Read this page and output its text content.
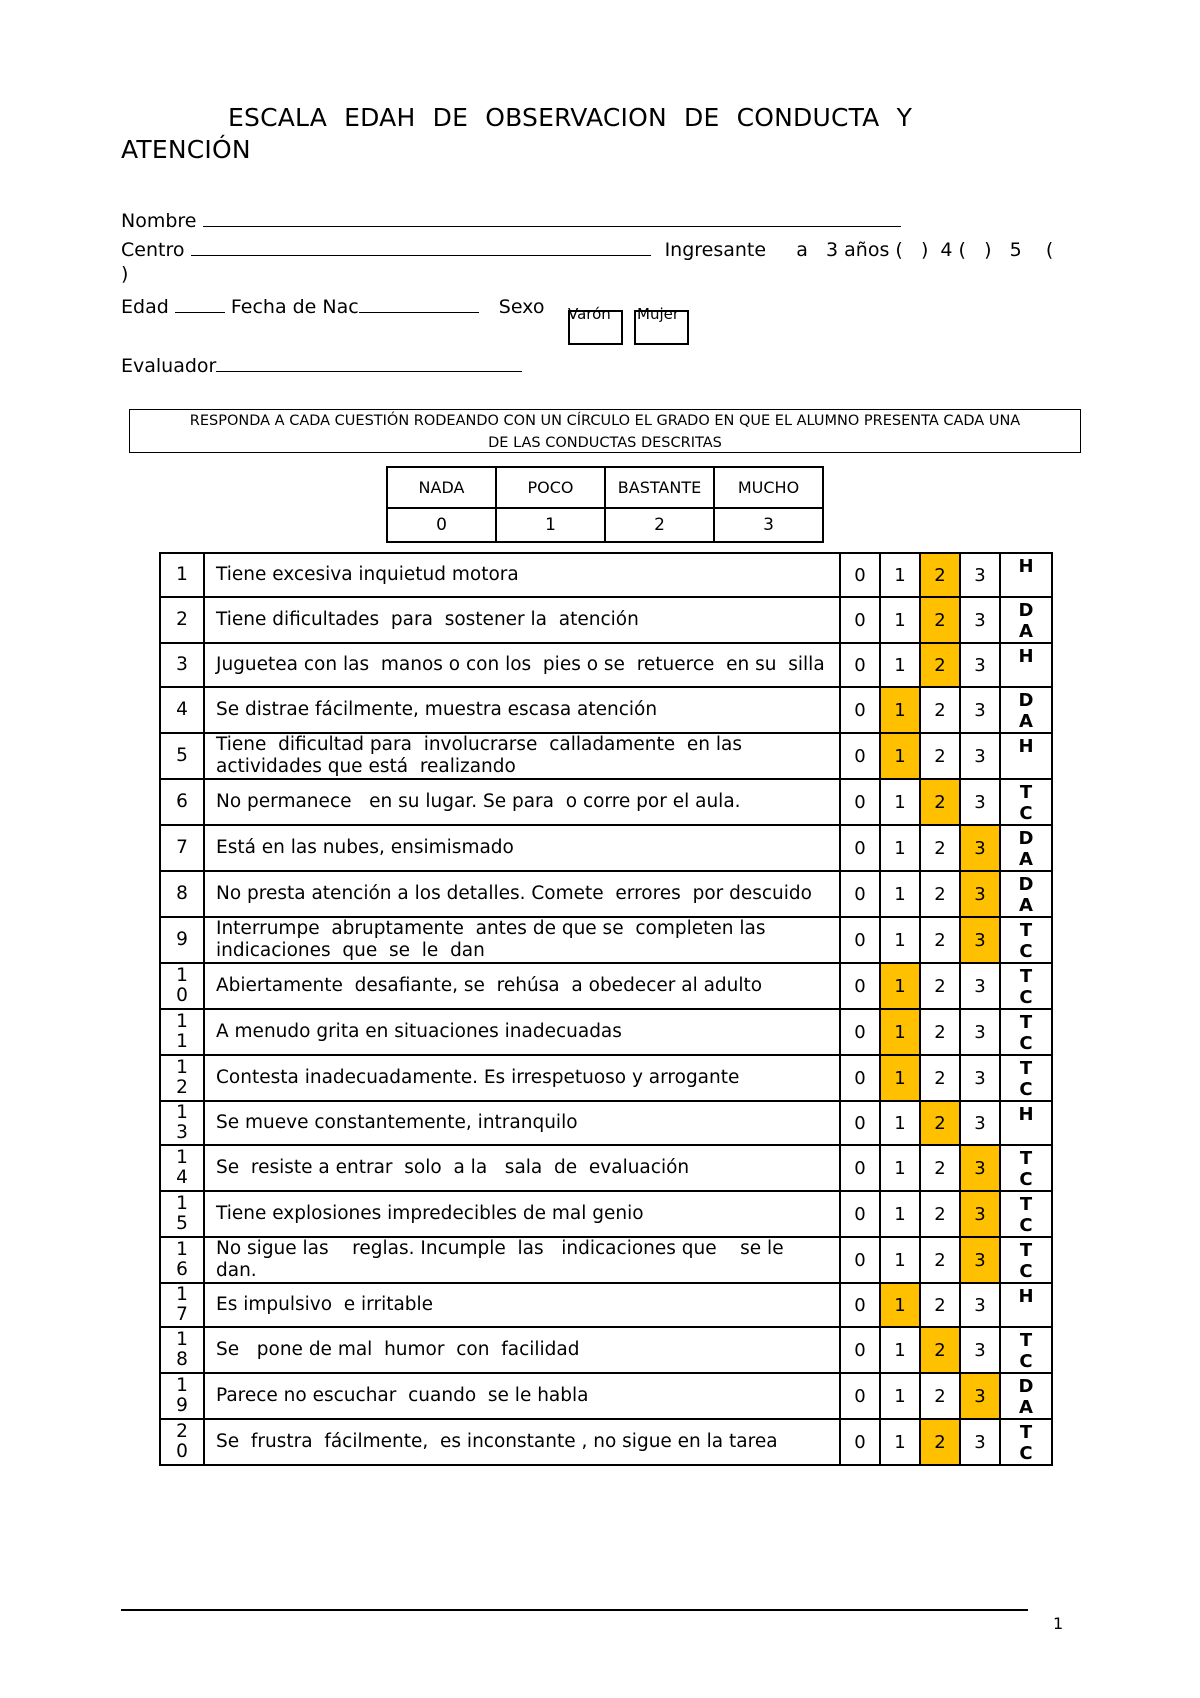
ESCALA EDAH DE OBSERVACION DE CONDUCTA Y
ATENCIÓN
Nombre
Centro	Ingresante     a   3 años (   )  4 (   )   5    (
)
Edad	Fecha de Nac	Sexo	Varón Mujer
Evaluador
RESPONDA A CADA CUESTIÓN RODEANDO CON UN CÍRCULO EL GRADO EN QUE EL ALUMNO PRESENTA CADA UNA
DE LAS CONDUCTAS DESCRITAS
NADA	POCO	BASTANTE	MUCHO
0	1	2	3
1	Tiene excesiva inquietud motora	0	1	2	3	H

2	Tiene dificultades  para  sostener la  atención	0	1	2	3	D A

3	Juguetea con las  manos o con los  pies o se  retuerce  en su  silla	0	1	2	3	H

4	Se distrae fácilmente, muestra escasa atención	0	1	2	3	D A

5	Tiene  dificultad para  involucrarse  calladamente  en las actividades que está  realizando	0	1	2	3	H

6	No permanece   en su lugar. Se para  o corre por el aula.	0	1	2	3	TC

7	Está en las nubes, ensimismado	0	1	2	3	D A

8	No presta atención a los detalles. Comete  errores  por descuido	0	1	2	3	D A

9	Interrumpe  abruptamente  antes de que se  completen las indicaciones  que  se  le  dan	0	1	2	3	TC

10	Abiertamente  desafiante, se  rehúsa  a obedecer al adulto	0	1	2	3	TC

11	A menudo grita en situaciones inadecuadas	0	1	2	3	TC

12	Contesta inadecuadamente. Es irrespetuoso y arrogante	0	1	2	3	TC

13	Se mueve constantemente, intranquilo	0	1	2	3	H

14	Se  resiste a entrar  solo  a la   sala  de  evaluación	0	1	2	3	TC

15	Tiene explosiones impredecibles de mal genio	0	1	2	3	TC

16	No sigue las    reglas. Incumple  las   indicaciones que    se le dan.	0	1	2	3	TC

17	Es impulsivo  e irritable	0	1	2	3	H

18	Se   pone de mal  humor  con  facilidad	0	1	2	3	TC

19	Parece no escuchar  cuando  se le habla	0	1	2	3	D A

20	Se  frustra  fácilmente,  es inconstante , no sigue en la tarea	0	1	2	3	TC
1
